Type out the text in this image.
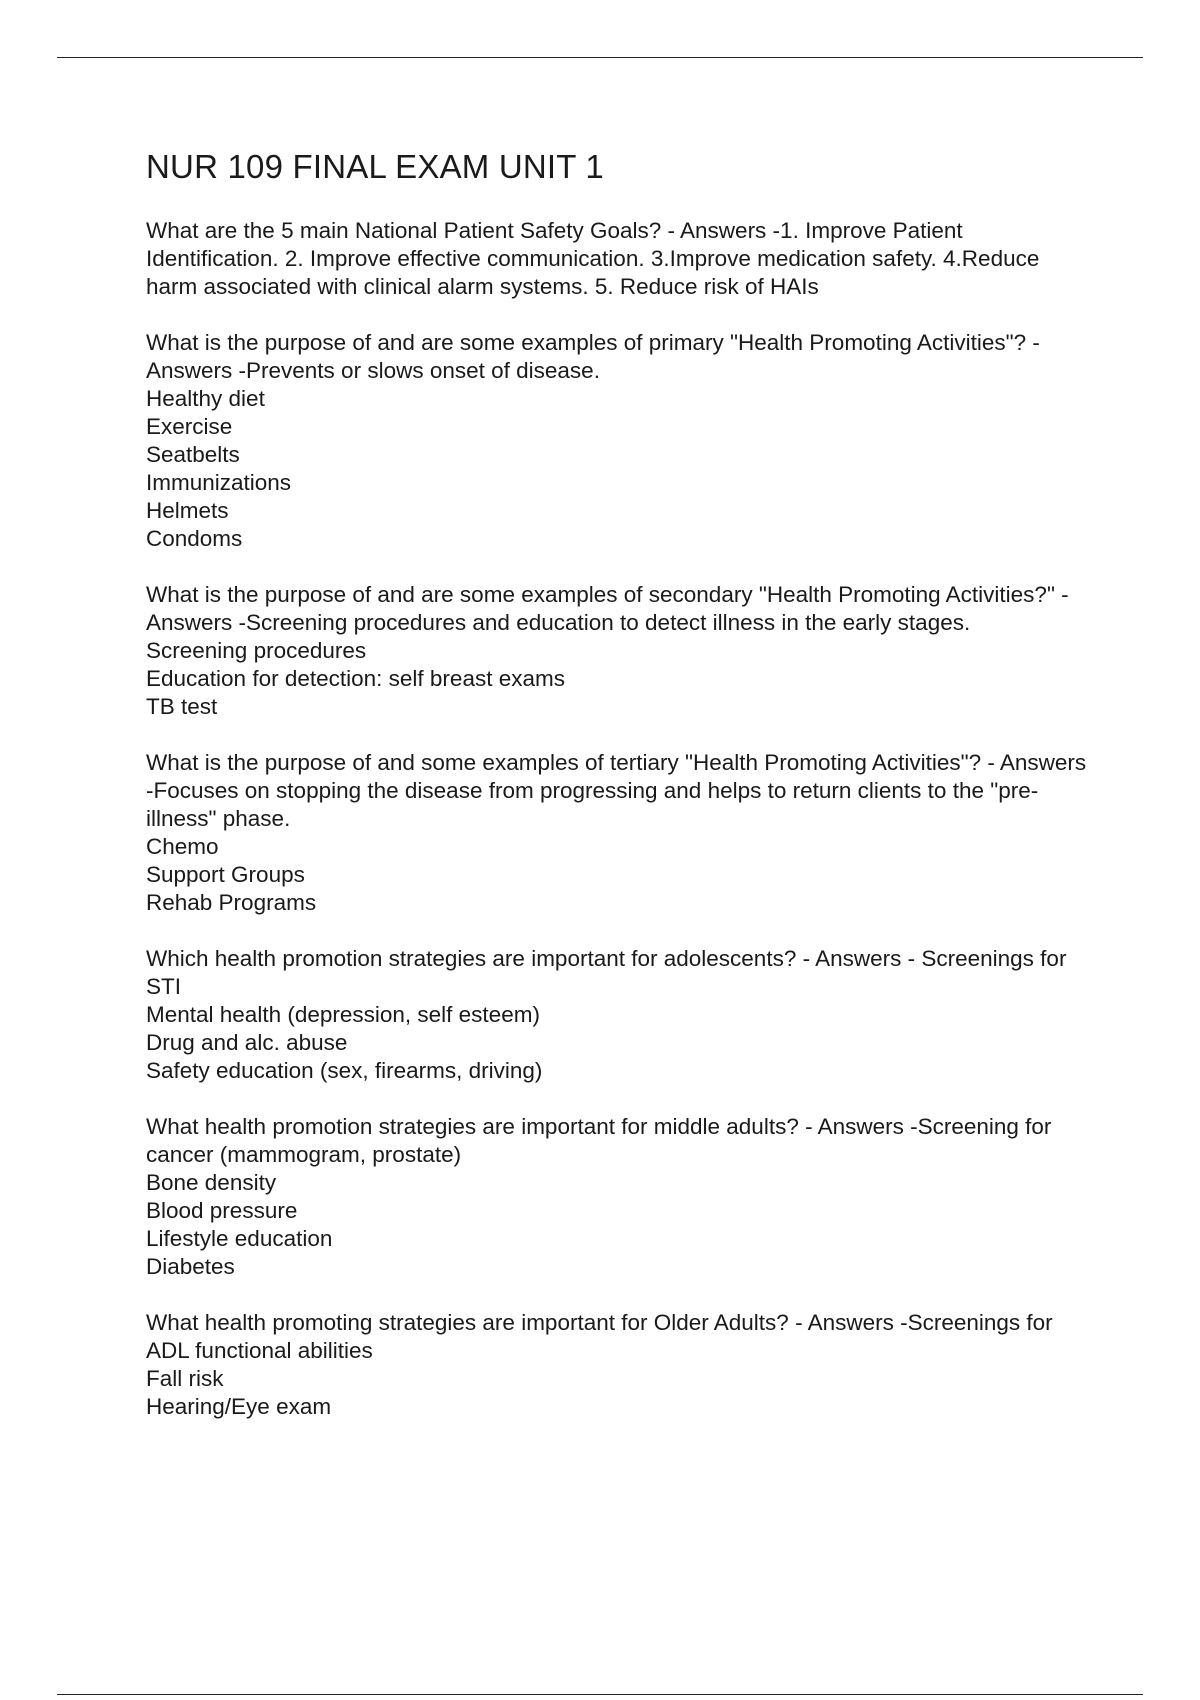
NUR 109 FINAL EXAM UNIT 1

What are the 5 main National Patient Safety Goals? - Answers -1. Improve Patient Identification. 2. Improve effective communication. 3.Improve medication safety. 4.Reduce harm associated with clinical alarm systems. 5. Reduce risk of HAIs

What is the purpose of and are some examples of primary "Health Promoting Activities"? - Answers -Prevents or slows onset of disease.

Healthy diet

Exercise

Seatbelts

Immunizations

Helmets

Condoms

What is the purpose of and are some examples of secondary "Health Promoting Activities?" - Answers -Screening procedures and education to detect illness in the early stages.

Screening procedures

Education for detection: self breast exams

TB test

What is the purpose of and some examples of tertiary "Health Promoting Activities"? - Answers -Focuses on stopping the disease from progressing and helps to return clients to the "pre-illness" phase.

Chemo

Support Groups

Rehab Programs

Which health promotion strategies are important for adolescents? - Answers - Screenings for STI

Mental health (depression, self esteem)

Drug and alc. abuse

Safety education (sex, firearms, driving)

What health promotion strategies are important for middle adults? - Answers -Screening for cancer (mammogram, prostate)

Bone density

Blood pressure

Lifestyle education

Diabetes

What health promoting strategies are important for Older Adults? - Answers -Screenings for ADL functional abilities

Fall risk

Hearing/Eye exam
